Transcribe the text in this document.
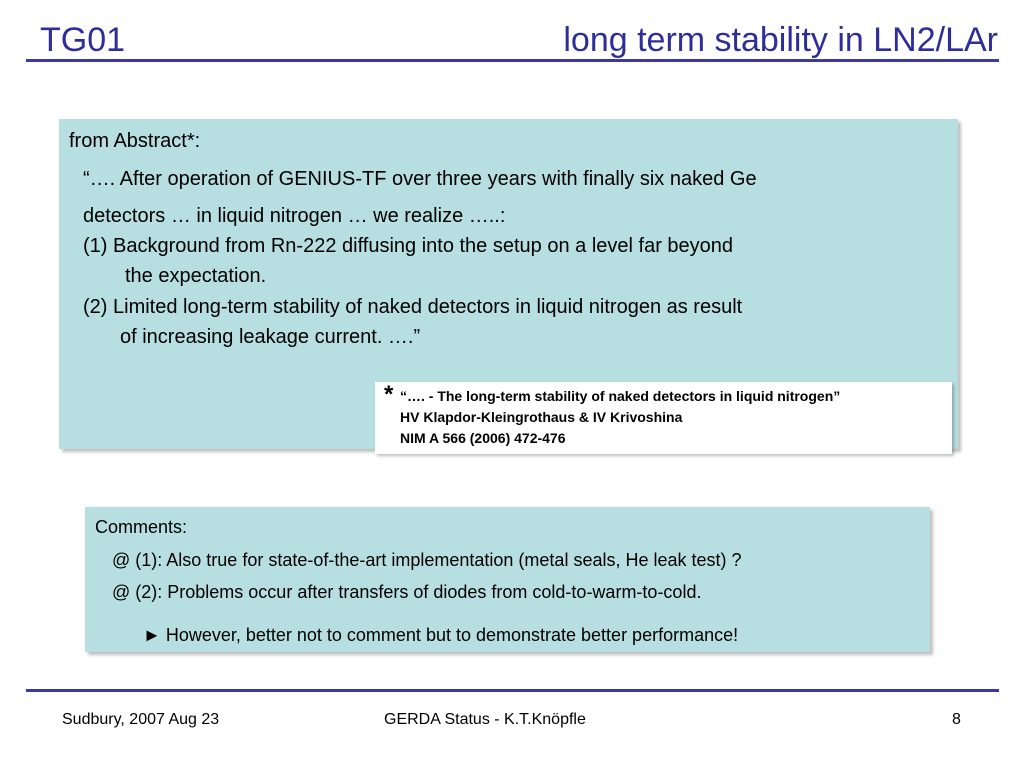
TG01	long term stability in LN2/LAr
from Abstract*:
“…. After operation of GENIUS-TF over three years with finally six naked Ge
detectors … in liquid nitrogen … we realize …..:
(1) Background from Rn-222 diffusing into the setup on a level far beyond
the expectation.
(2) Limited long-term stability of naked detectors in liquid nitrogen as result
of increasing leakage current. ….”
* “…. - The long-term stability of naked detectors in liquid nitrogen”
HV Klapdor-Kleingrothaus & IV Krivoshina
NIM A 566 (2006) 472-476
Comments:
@ (1): Also true for state-of-the-art implementation (metal seals, He leak test) ?
@ (2): Problems occur after transfers of diodes from cold-to-warm-to-cold.
► However, better not to comment but to demonstrate better performance!
Sudbury, 2007 Aug 23	GERDA Status - K.T.Knöpfle	8
